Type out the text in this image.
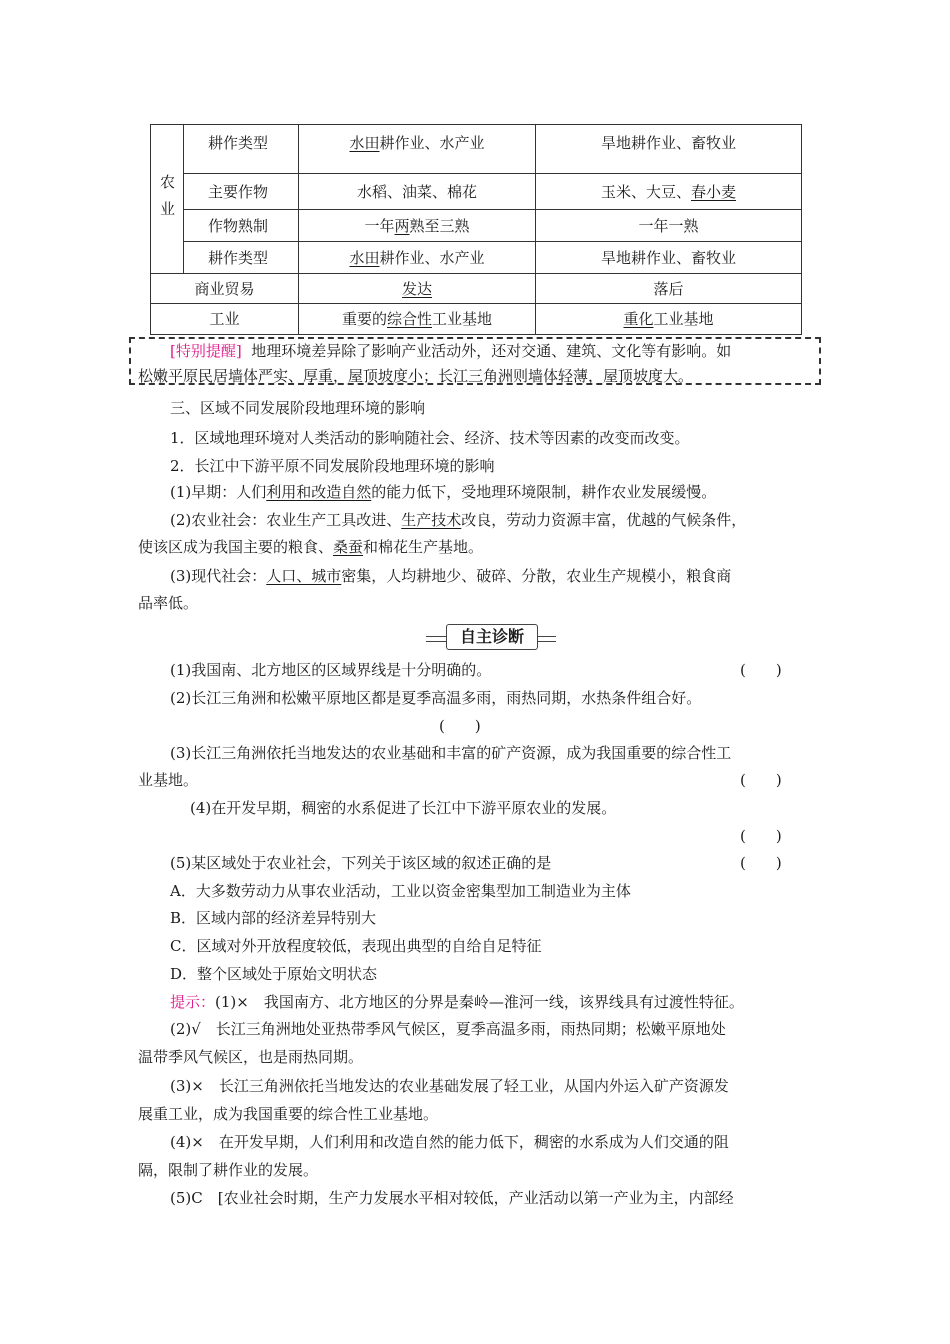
农业	耕作类型	水田耕作业、水产业	旱地耕作业、畜牧业
	主要作物	水稻、油菜、棉花	玉米、大豆、春小麦
	作物熟制	一年两熟至三熟	一年一熟
	耕作类型	水田耕作业、水产业	旱地耕作业、畜牧业
商业贸易		发达	落后
工业		重要的综合性工业基地	重化工业基地
[特别提醒] 地理环境差异除了影响产业活动外，还对交通、建筑、文化等有影响。如
松嫩平原民居墙体严实、厚重，屋顶坡度小；长江三角洲则墙体轻薄，屋顶坡度大。
三、区域不同发展阶段地理环境的影响
1．区域地理环境对人类活动的影响随社会、经济、技术等因素的改变而改变。
2．长江中下游平原不同发展阶段地理环境的影响
(1)早期：人们利用和改造自然的能力低下，受地理环境限制，耕作农业发展缓慢。
(2)农业社会：农业生产工具改进、生产技术改良，劳动力资源丰富，优越的气候条件，
使该区成为我国主要的粮食、桑蚕和棉花生产基地。
(3)现代社会：人口、城市密集，人均耕地少、破碎、分散，农业生产规模小，粮食商
品率低。
自主诊断
(1)我国南、北方地区的区域界线是十分明确的。	(　　)
(2)长江三角洲和松嫩平原地区都是夏季高温多雨，雨热同期，水热条件组合好。
(　　)
(3)长江三角洲依托当地发达的农业基础和丰富的矿产资源，成为我国重要的综合性工
业基地。	(　　)
(4)在开发早期，稠密的水系促进了长江中下游平原农业的发展。
(　　)
(5)某区域处于农业社会，下列关于该区域的叙述正确的是	(　　)
A．大多数劳动力从事农业活动，工业以资金密集型加工制造业为主体
B．区域内部的经济差异特别大
C．区域对外开放程度较低，表现出典型的自给自足特征
D．整个区域处于原始文明状态
提示：(1)×　我国南方、北方地区的分界是秦岭—淮河一线，该界线具有过渡性特征。
(2)√　长江三角洲地处亚热带季风气候区，夏季高温多雨，雨热同期；松嫩平原地处
温带季风气候区，也是雨热同期。
(3)×　长江三角洲依托当地发达的农业基础发展了轻工业，从国内外运入矿产资源发
展重工业，成为我国重要的综合性工业基地。
(4)×　在开发早期，人们利用和改造自然的能力低下，稠密的水系成为人们交通的阻
隔，限制了耕作业的发展。
(5)C　[农业社会时期，生产力发展水平相对较低，产业活动以第一产业为主，内部经
